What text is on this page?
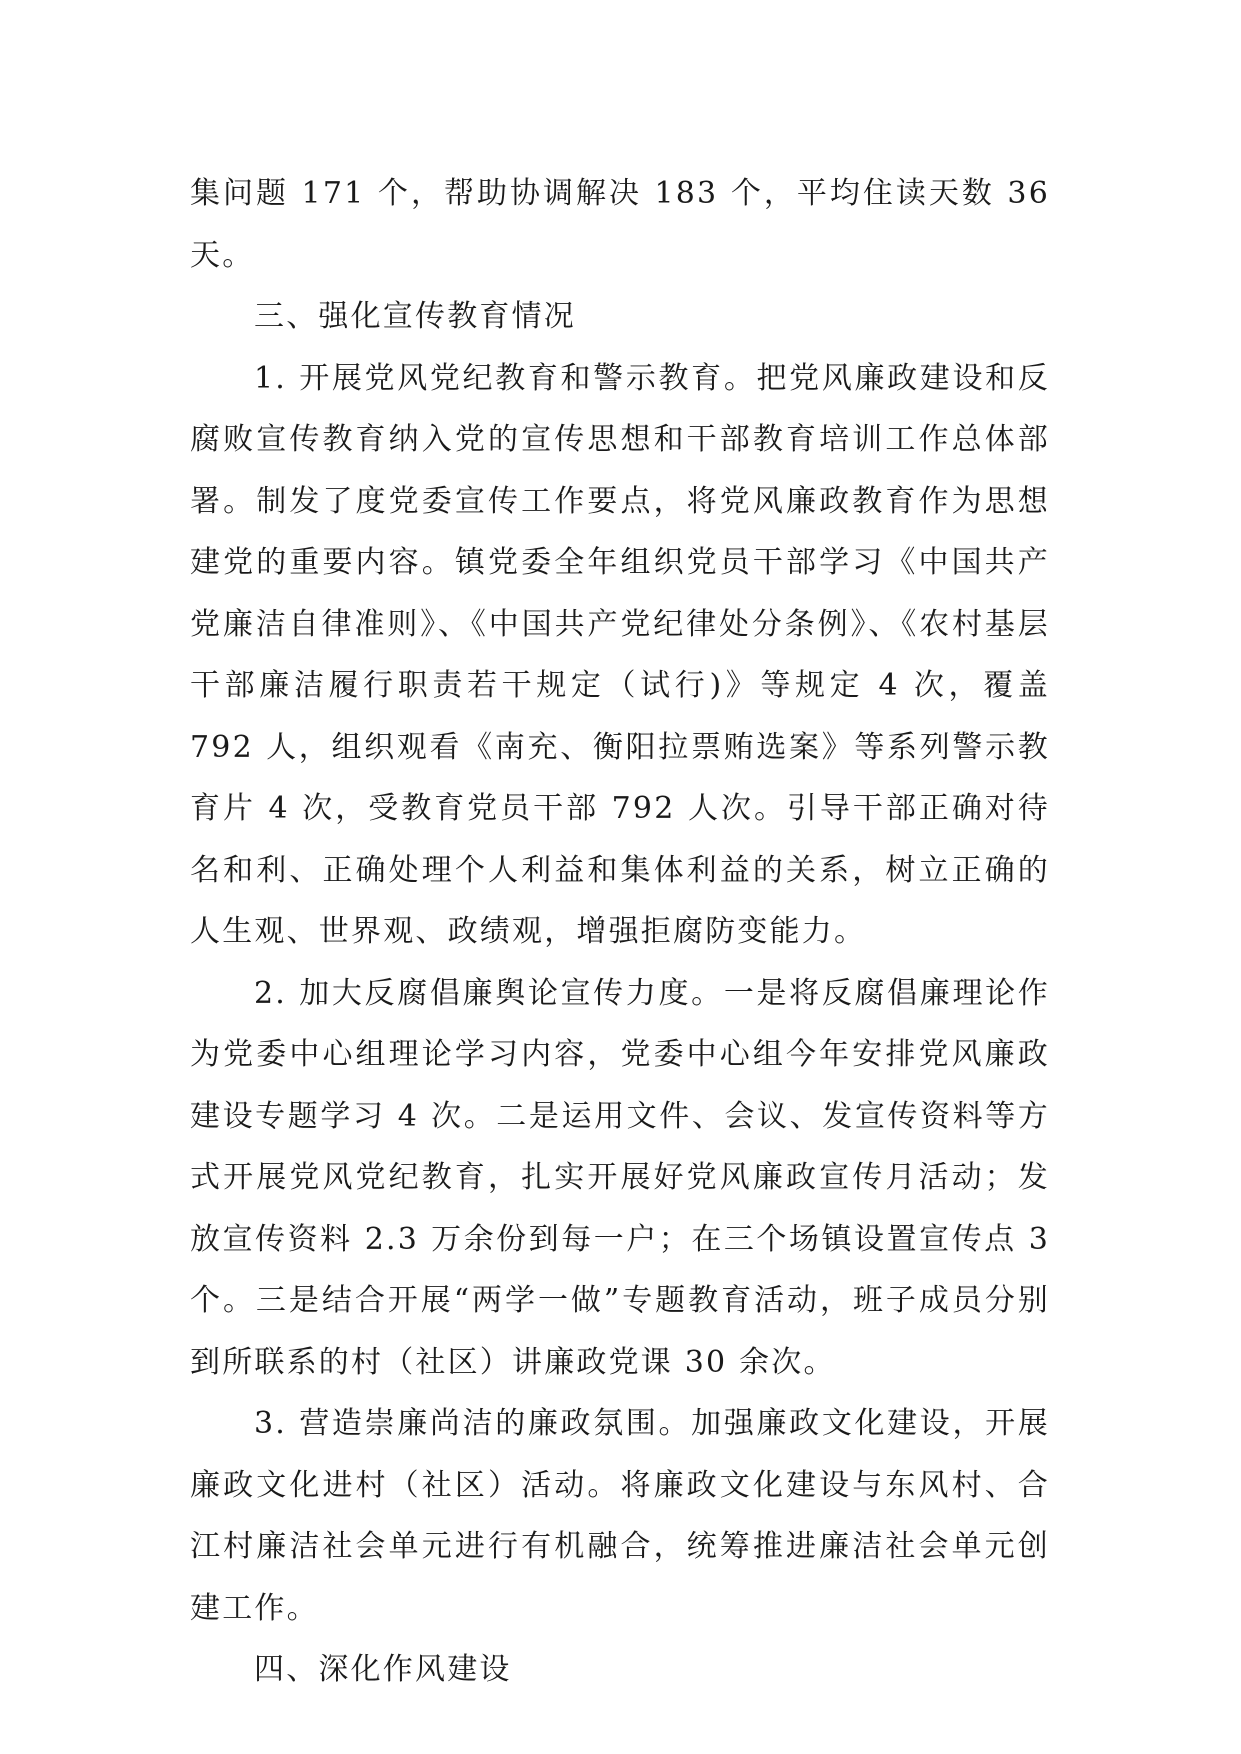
集问题 171 个，帮助协调解决 183 个，平均住读天数 36 天。

三、强化宣传教育情况

1. 开展党风党纪教育和警示教育。把党风廉政建设和反腐败宣传教育纳入党的宣传思想和干部教育培训工作总体部署。制发了度党委宣传工作要点，将党风廉政教育作为思想建党的重要内容。镇党委全年组织党员干部学习《中国共产党廉洁自律准则》、《中国共产党纪律处分条例》、《农村基层干部廉洁履行职责若干规定（试行)》等规定 4 次，覆盖 792 人，组织观看《南充、衡阳拉票贿选案》等系列警示教育片 4 次，受教育党员干部 792 人次。引导干部正确对待名和利、正确处理个人利益和集体利益的关系，树立正确的人生观、世界观、政绩观，增强拒腐防变能力。

2. 加大反腐倡廉舆论宣传力度。一是将反腐倡廉理论作为党委中心组理论学习内容，党委中心组今年安排党风廉政建设专题学习 4 次。二是运用文件、会议、发宣传资料等方式开展党风党纪教育，扎实开展好党风廉政宣传月活动；发放宣传资料 2.3 万余份到每一户；在三个场镇设置宣传点 3 个。三是结合开展“两学一做”专题教育活动，班子成员分别到所联系的村（社区）讲廉政党课 30 余次。

3. 营造崇廉尚洁的廉政氛围。加强廉政文化建设，开展廉政文化进村（社区）活动。将廉政文化建设与东风村、合江村廉洁社会单元进行有机融合，统筹推进廉洁社会单元创建工作。

四、深化作风建设
